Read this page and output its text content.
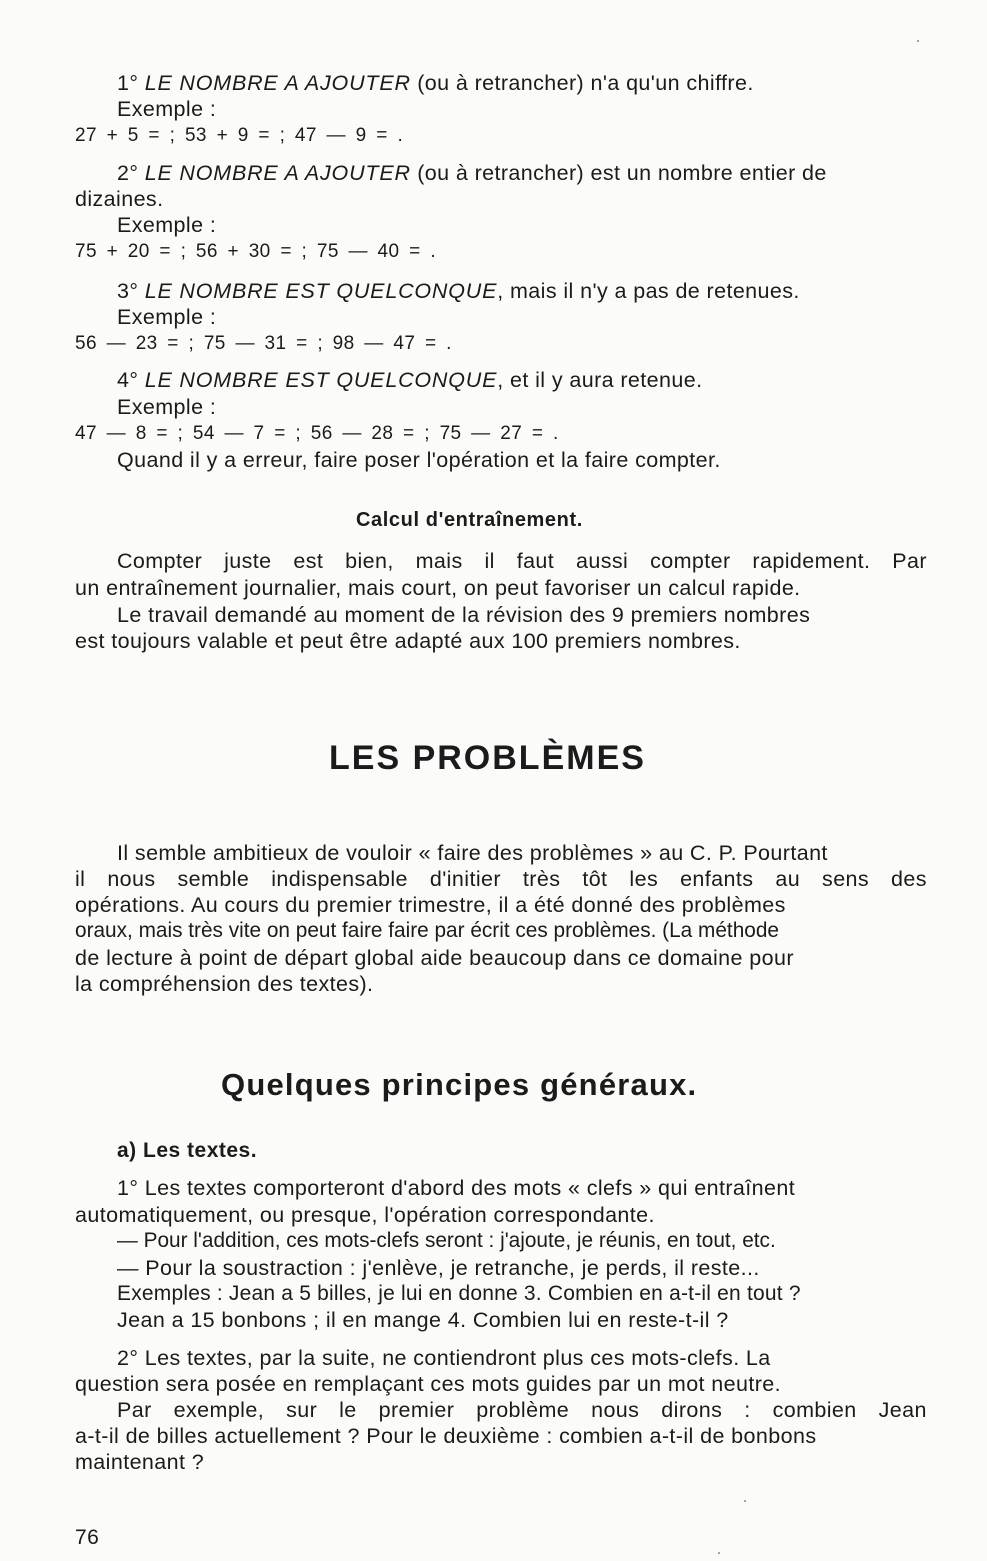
1° LE NOMBRE A AJOUTER (ou à retrancher) n'a qu'un chiffre.
Exemple :
27 + 5 = ; 53 + 9 = ; 47 — 9 = .
2° LE NOMBRE A AJOUTER (ou à retrancher) est un nombre entier de
dizaines.
Exemple :
75 + 20 = ; 56 + 30 = ; 75 — 40 = .
3° LE NOMBRE EST QUELCONQUE, mais il n'y a pas de retenues.
Exemple :
56 — 23 = ; 75 — 31 = ; 98 — 47 = .
4° LE NOMBRE EST QUELCONQUE, et il y aura retenue.
Exemple :
47 — 8 = ; 54 — 7 = ; 56 — 28 = ; 75 — 27 = .
Quand il y a erreur, faire poser l'opération et la faire compter.
Calcul d'entraînement.
Compter juste est bien, mais il faut aussi compter rapidement. Par
un entraînement journalier, mais court, on peut favoriser un calcul rapide.
Le travail demandé au moment de la révision des 9 premiers nombres
est toujours valable et peut être adapté aux 100 premiers nombres.
LES PROBLÈMES
Il semble ambitieux de vouloir « faire des problèmes » au C. P. Pourtant
il nous semble indispensable d'initier très tôt les enfants au sens des
opérations. Au cours du premier trimestre, il a été donné des problèmes
oraux, mais très vite on peut faire faire par écrit ces problèmes. (La méthode
de lecture à point de départ global aide beaucoup dans ce domaine pour
la compréhension des textes).
Quelques principes généraux.
a) Les textes.
1° Les textes comporteront d'abord des mots « clefs » qui entraînent
automatiquement, ou presque, l'opération correspondante.
— Pour l'addition, ces mots-clefs seront : j'ajoute, je réunis, en tout, etc.
— Pour la soustraction : j'enlève, je retranche, je perds, il reste...
Exemples : Jean a 5 billes, je lui en donne 3. Combien en a-t-il en tout ?
Jean a 15 bonbons ; il en mange 4. Combien lui en reste-t-il ?
2° Les textes, par la suite, ne contiendront plus ces mots-clefs. La
question sera posée en remplaçant ces mots guides par un mot neutre.
Par exemple, sur le premier problème nous dirons : combien Jean
a-t-il de billes actuellement ? Pour le deuxième : combien a-t-il de bonbons
maintenant ?
76
